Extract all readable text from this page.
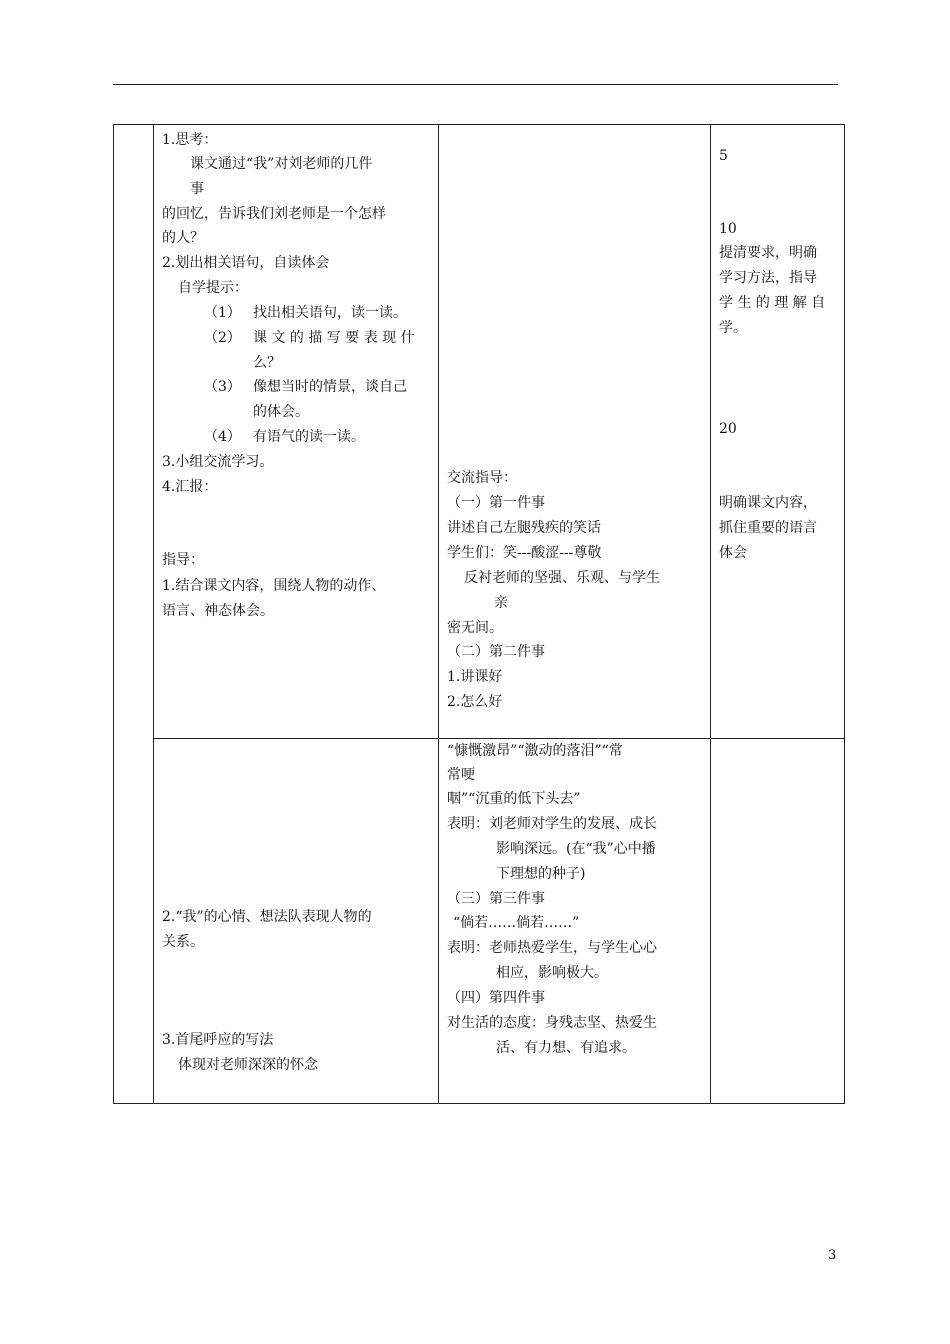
1.思考：
课文通过“我”对刘老师的几件
事
的回忆，告诉我们刘老师是一个怎样
的人？
2.划出相关语句，自读体会
自学提示：
（1） 找出相关语句，读一读。
（2） 课 文 的 描 写 要 表 现 什
么？
（3） 像想当时的情景，谈自己
的体会。
（4） 有语气的读一读。
3.小组交流学习。
4.汇报：
指导：
1.结合课文内容，围绕人物的动作、
语言、神态体会。
交流指导：
（一）第一件事
讲述自己左腿残疾的笑话
学生们：笑---酸涩---尊敬
反衬老师的坚强、乐观、与学生
亲
密无间。
（二）第二件事
1.讲课好
2.怎么好
5
10
提清要求，明确
学习方法，指导
学 生 的 理 解 自
学。
20
明确课文内容，
抓住重要的语言
体会
2.“我”的心情、想法队表现人物的
关系。
3.首尾呼应的写法
体现对老师深深的怀念
“慷慨激昂”“激动的落泪”“常
常哽
咽”“沉重的低下头去”
表明：刘老师对学生的发展、成长
影响深远。(在“我”心中播
下理想的种子)
（三）第三件事
“倘若……倘若……”
表明：老师热爱学生，与学生心心
相应，影响极大。
（四）第四件事
对生活的态度：身残志坚、热爱生
活、有力想、有追求。
3
